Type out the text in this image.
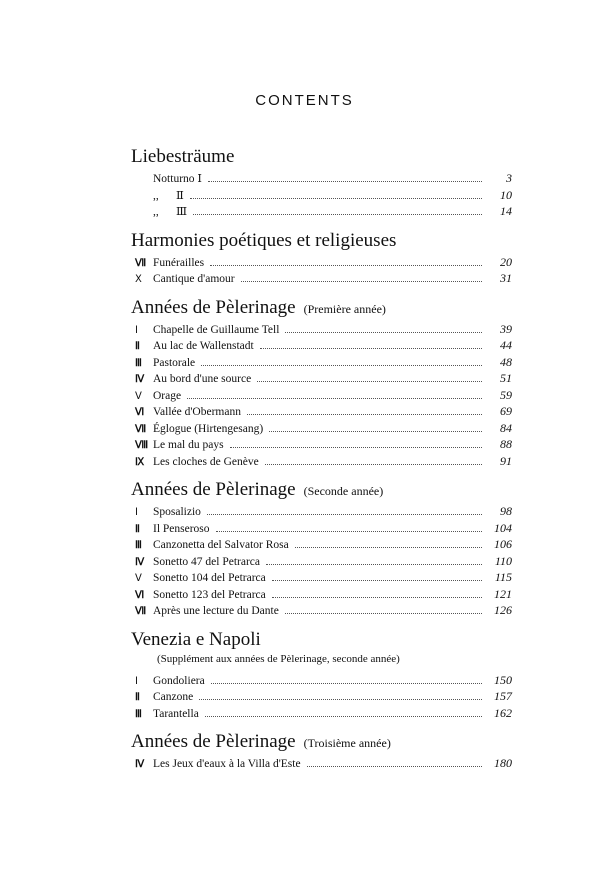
CONTENTS
Liebesträume
Notturno Ⅰ	3
,,      Ⅱ	10
,,      Ⅲ	14
Harmonies poétiques et religieuses
Ⅶ Funérailles	20
Ⅹ Cantique d'amour	31
Années de Pèlerinage (Première année)
Ⅰ	Chapelle de Guillaume Tell	39
Ⅱ	Au lac de Wallenstadt	44
Ⅲ Pastorale	48
Ⅳ Au bord d'une source	51
Ⅴ Orage	59
Ⅵ Vallée d'Obermann	69
Ⅶ Églogue (Hirtengesang)	84
Ⅷ Le mal du pays	88
Ⅸ Les cloches de Genève	91
Années de Pèlerinage (Seconde année)
Ⅰ	Sposalizio	98
Ⅱ	Il Penseroso	104
Ⅲ Canzonetta del Salvator Rosa	106
Ⅳ Sonetto 47 del Petrarca	110
Ⅴ Sonetto 104 del Petrarca	115
Ⅵ Sonetto 123 del Petrarca	121
Ⅶ Après une lecture du Dante	126
Venezia e Napoli
(Supplément aux années de Pèlerinage, seconde année)
Ⅰ	Gondoliera	150
Ⅱ	Canzone	157
Ⅲ Tarantella	162
Années de Pèlerinage (Troisième année)
Ⅳ Les Jeux d'eaux à la Villa d'Este	180
